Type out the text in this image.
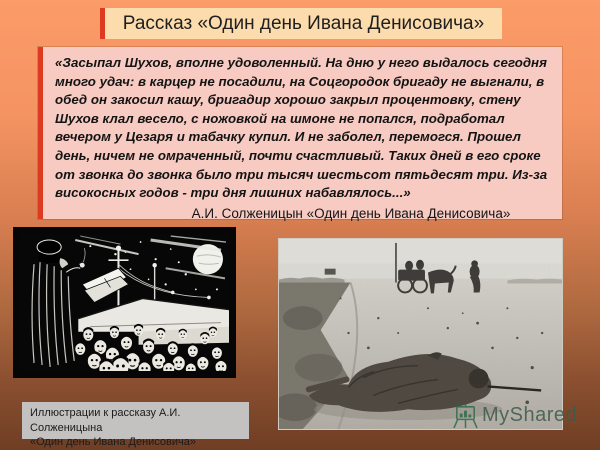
Рассказ «Один день Ивана Денисовича»

«Засыпал Шухов, вполне удоволенный. На дню у него выдалось сегодня много удач: в карцер не посадили, на Соцгородок бригаду не выгнали, в обед он закосил кашу, бригадир хорошо закрыл процентовку, стену Шухов клал весело, с ножовкой на шмоне не попался, подработал вечером у Цезаря и табачку купил. И не заболел, перемогся. Прошел день, ничем не омраченный, почти счастливый. Таких дней в его сроке от звонка до звонка было три тысяч шестьсот пятьдесят три. Из-за високосных годов - три дня лишних набавлялось...»

А.И. Солженицын «Один день Ивана Денисовича»

Иллюстрации к рассказу А.И. Солженицына
«Один день Ивана Денисовича»
MyShared
